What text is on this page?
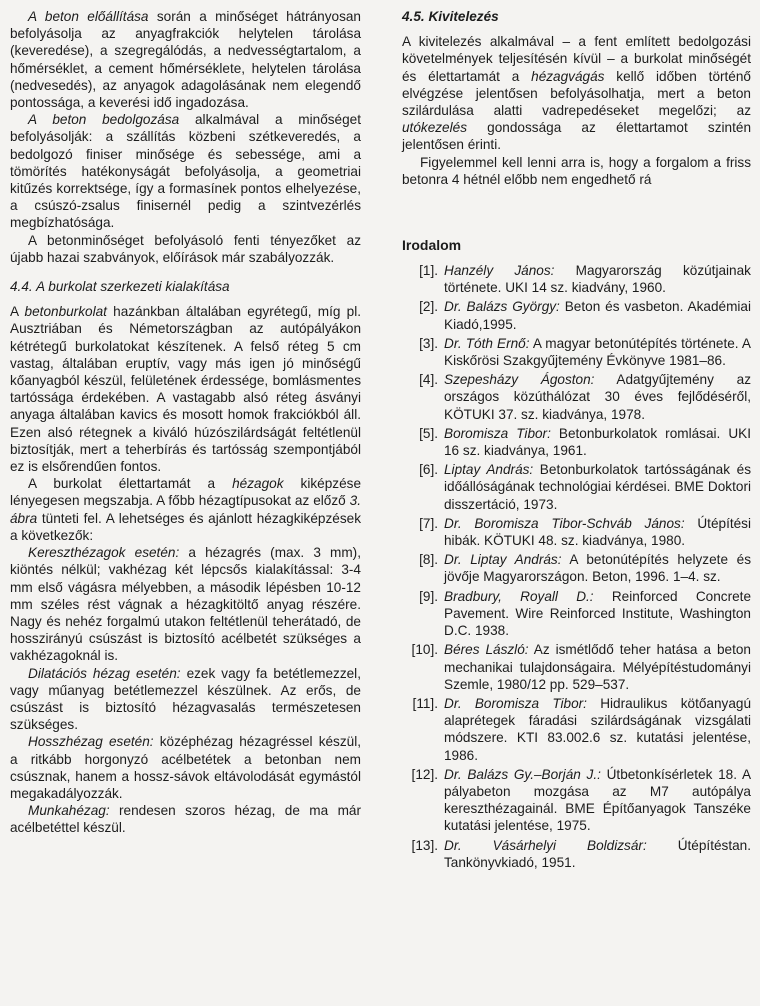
A beton előállítása során a minőséget hátrányosan befolyásolja az anyagfrakciók helytelen tárolása (keveredése), a szegregálódás, a nedvességtartalom, a hőmérséklet, a cement hőmérséklete, helytelen tárolása (nedvesedés), az anyagok adagolásának nem elegendő pontossága, a keverési idő ingadozása.

A beton bedolgozása alkalmával a minőséget befolyásolják: a szállítás közbeni szétkeveredés, a bedolgozó finiser minősége és sebessége, ami a tömörítés hatékonyságát befolyásolja, a geometriai kitűzés korrektsége, így a formasínek pontos elhelyezése, a csúszó-zsalus finisernél pedig a szintvezérlés megbízhatósága.

A betonminőséget befolyásoló fenti tényezőket az újabb hazai szabványok, előírások már szabályozzák.

4.4. A burkolat szerkezeti kialakítása

A betonburkolat hazánkban általában egyrétegű, míg pl. Ausztriában és Németországban az autópályákon kétrétegű burkolatokat készítenek. A felső réteg 5 cm vastag, általában eruptív, vagy más igen jó minőségű kőanyagból készül, felületének érdessége, bomlásmentes tartóssága érdekében. A vastagabb alsó réteg ásványi anyaga általában kavics és mosott homok frakciókból áll. Ezen alsó rétegnek a kiváló húzószilárdságát feltétlenül biztosítják, mert a teherbírás és tartósság szempontjából ez is elsőrendűen fontos.

A burkolat élettartamát a hézagok kiképzése lényegesen megszabja. A főbb hézagtípusokat az előző 3. ábra tünteti fel. A lehetséges és ajánlott hézagkiképzések a következők:

Kereszthézagok esetén: a hézagrés (max. 3 mm), kiöntés nélkül; vakhézag két lépcsős kialakítással: 3-4 mm első vágásra mélyebben, a második lépésben 10-12 mm széles rést vágnak a hézagkitöltő anyag részére. Nagy és nehéz forgalmú utakon feltétlenül teherátadó, de hosszirányú csúszást is biztosító acélbetét szükséges a vakhézagoknál is.

Dilatációs hézag esetén: ezek vagy fa betétlemezzel, vagy műanyag betétlemezzel készülnek. Az erős, de csúszást is biztosító hézagvasalás természetesen szükséges.

Hosszhézag esetén: középhézag hézagréssel készül, a ritkább horgonyzó acélbetétek a betonban nem csúsznak, hanem a hossz-sávok eltávolodását egymástól megakadályozzák.

Munkahézag: rendesen szoros hézag, de ma már acélbetéttel készül.

4.5. Kivitelezés

A kivitelezés alkalmával – a fent említett bedolgozási követelmények teljesítésén kívül – a burkolat minőségét és élettartamát a hézagvágás kellő időben történő elvégzése jelentősen befolyásolhatja, mert a beton szilárdulása alatti vadrepedéseket megelőzi; az utókezelés gondossága az élettartamot szintén jelentősen érinti.

Figyelemmel kell lenni arra is, hogy a forgalom a friss betonra 4 hétnél előbb nem engedhető rá

Irodalom
[1]. Hanzély János: Magyarország közútjainak története. UKI 14 sz. kiadvány, 1960.
[2]. Dr. Balázs György: Beton és vasbeton. Akadémiai Kiadó,1995.
[3]. Dr. Tóth Ernő: A magyar betonútépítés története. A Kiskőrösi Szakgyűjtemény Évkönyve 1981–86.
[4]. Szepesházy Ágoston: Adatgyűjtemény az országos közúthálózat 30 éves fejlődéséről, KÖTUKI 37. sz. kiadványa, 1978.
[5]. Boromisza Tibor: Betonburkolatok romlásai. UKI 16 sz. kiadványa, 1961.
[6]. Liptay András: Betonburkolatok tartósságának és időállóságának technológiai kérdései. BME Doktori disszertáció, 1973.
[7]. Dr. Boromisza Tibor-Schváb János: Útépítési hibák. KÖTUKI 48. sz. kiadványa, 1980.
[8]. Dr. Liptay András: A betonútépítés helyzete és jövője Magyarországon. Beton, 1996. 1–4. sz.
[9]. Bradbury, Royall D.: Reinforced Concrete Pavement. Wire Reinforced Institute, Washington D.C. 1938.
[10]. Béres László: Az ismétlődő teher hatása a beton mechanikai tulajdonságaira. Mélyépítéstudományi Szemle, 1980/12 pp. 529–537.
[11]. Dr. Boromisza Tibor: Hidraulikus kötőanyagú alaprétegek fáradási szilárdságának vizsgálati módszere. KTI 83.002.6 sz. kutatási jelentése, 1986.
[12]. Dr. Balázs Gy.–Borján J.: Útbetonkísérletek 18. A pályabeton mozgása az M7 autópálya kereszthézagainál. BME Építőanyagok Tanszéke kutatási jelentése, 1975.
[13]. Dr. Vásárhelyi Boldizsár: Útépítéstan. Tankönyvkiadó, 1951.
